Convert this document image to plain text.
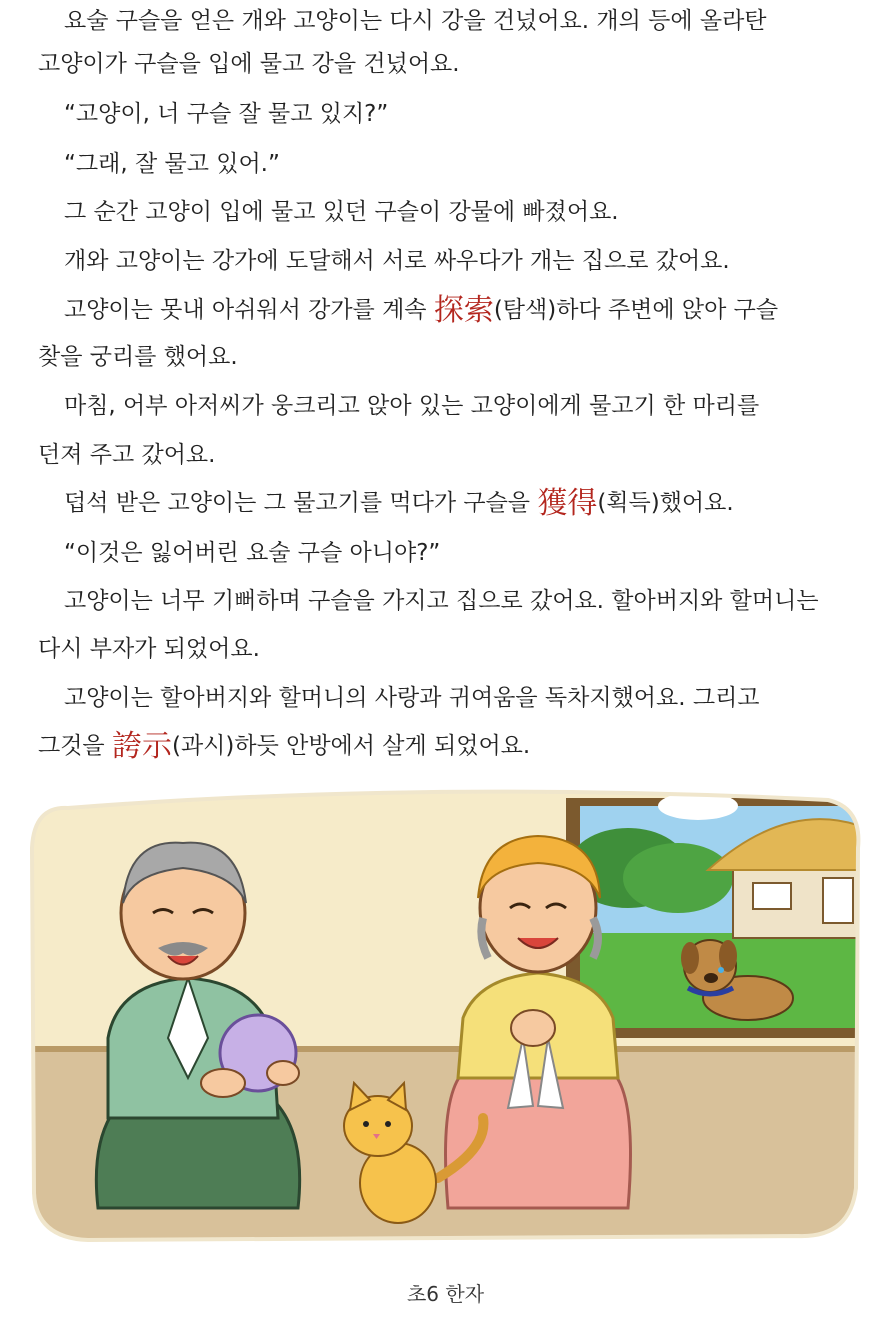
요술 구슬을 얻은 개와 고양이는 다시 강을 건넜어요. 개의 등에 올라탄
고양이가 구슬을 입에 물고 강을 건넜어요.
“고양이, 너 구슬 잘 물고 있지?”
“그래, 잘 물고 있어.”
그 순간 고양이 입에 물고 있던 구슬이 강물에 빠졌어요.
개와 고양이는 강가에 도달해서 서로 싸우다가 개는 집으로 갔어요.
고양이는 못내 아쉬워서 강가를 계속 探索(탐색)하다 주변에 앉아 구슬
찾을 궁리를 했어요.
마침, 어부 아저씨가 웅크리고 앉아 있는 고양이에게 물고기 한 마리를
던져 주고 갔어요.
덥석 받은 고양이는 그 물고기를 먹다가 구슬을 獲得(획득)했어요.
“이것은 잃어버린 요술 구슬 아니야?”
고양이는 너무 기뻐하며 구슬을 가지고 집으로 갔어요. 할아버지와 할머니는
다시 부자가 되었어요.
고양이는 할아버지와 할머니의 사랑과 귀여움을 독차지했어요. 그리고
그것을 誇示(과시)하듯 안방에서 살게 되었어요.
초6 한자
